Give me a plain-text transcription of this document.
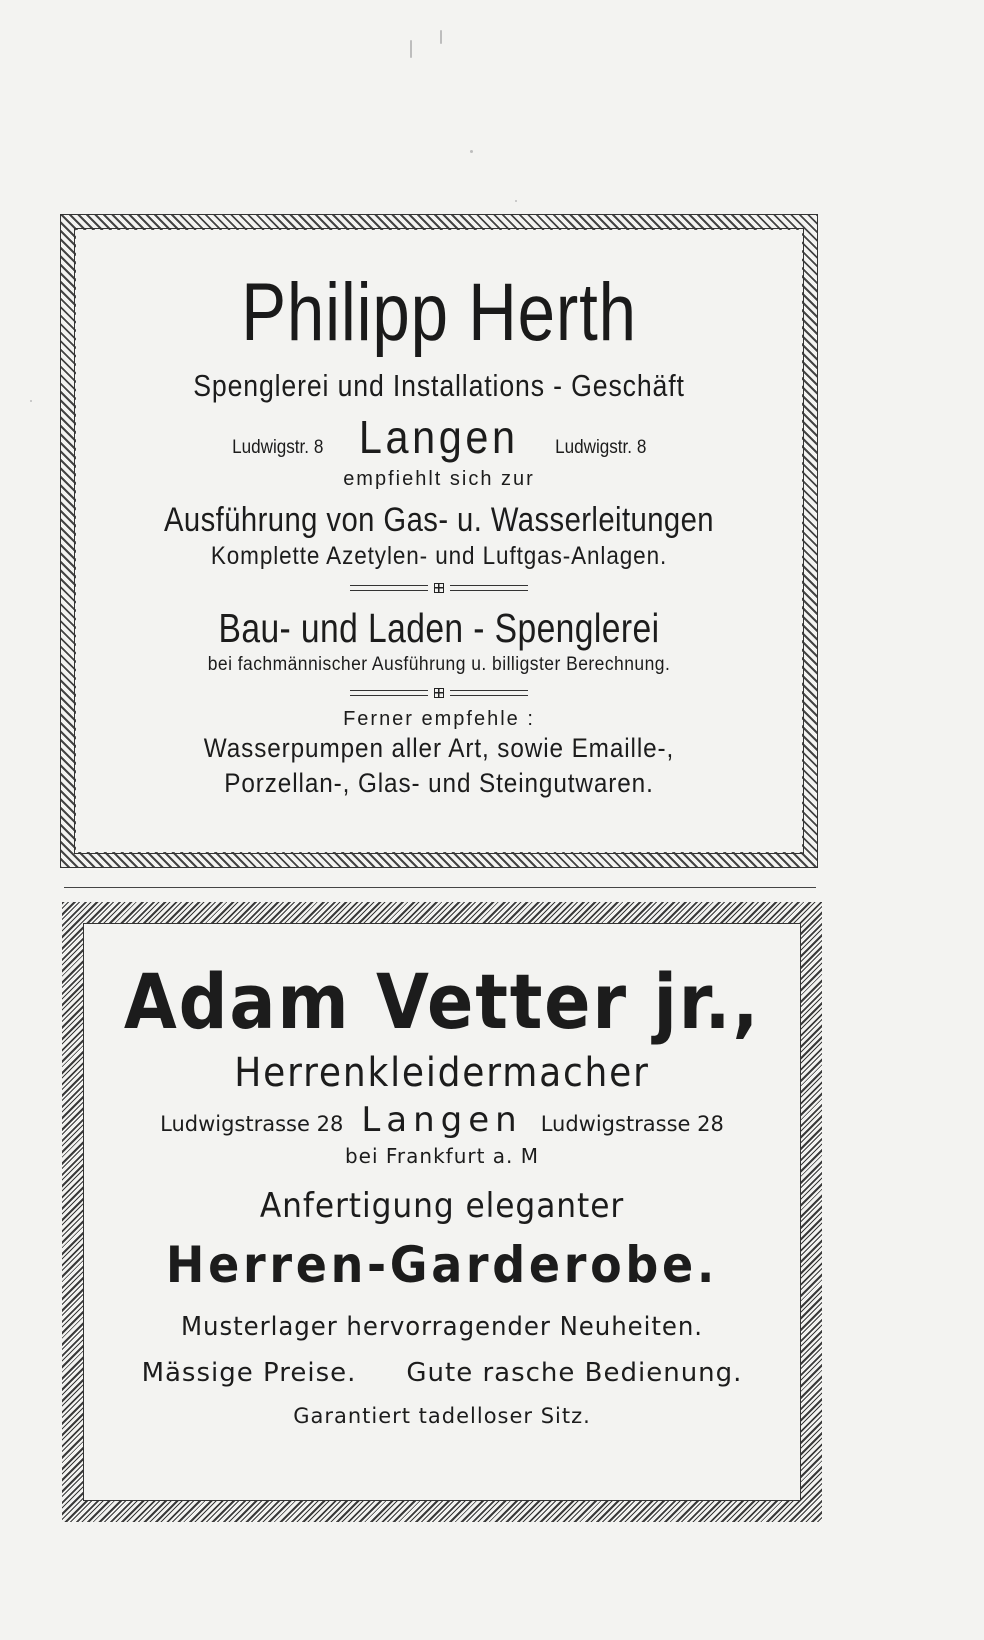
Philipp Herth
Spenglerei und Installations - Geschäft
Ludwigstr. 8 Langen Ludwigstr. 8
empfiehlt sich zur
Ausführung von Gas- u. Wasserleitungen
Komplette Azetylen- und Luftgas-Anlagen.
Bau- und Laden - Spenglerei
bei fachmännischer Ausführung u. billigster Berechnung.
Ferner empfehle :
Wasserpumpen aller Art, sowie Emaille-,
Porzellan-, Glas- und Steingutwaren.
Adam Vetter jr.,
Herrenkleidermacher
Ludwigstrasse 28 Langen Ludwigstrasse 28
bei Frankfurt a. M
Anfertigung eleganter
Herren-Garderobe.
Musterlager hervorragender Neuheiten.
Mässige Preise. Gute rasche Bedienung.
Garantiert tadelloser Sitz.
